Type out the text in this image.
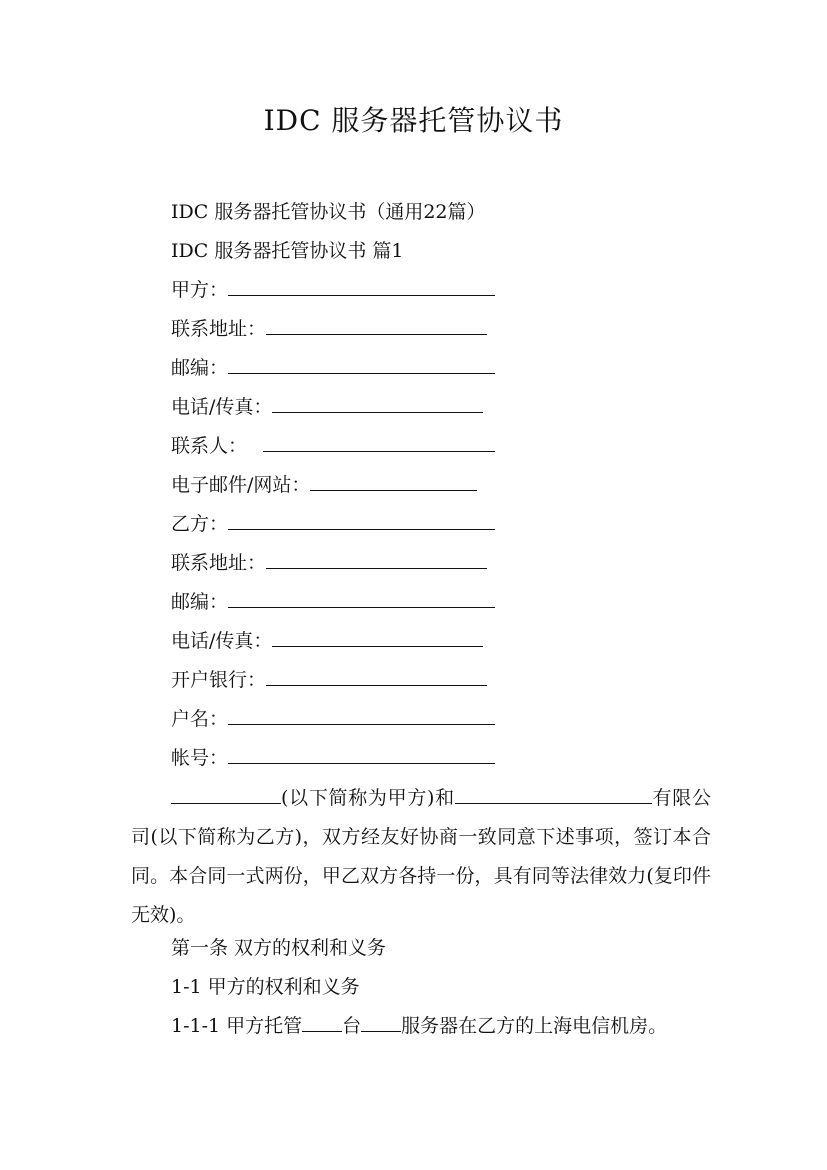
IDC 服务器托管协议书
IDC 服务器托管协议书（通用22篇）
IDC 服务器托管协议书 篇1
甲方：
联系地址：
邮编：
电话/传真：
联系人：
电子邮件/网站：
乙方：
联系地址：
邮编：
电话/传真：
开户银行：
户名：
帐号：
(以下简称为甲方)和	有限公司(以下简称为乙方)，双方经友好协商一致同意下述事项，签订本合同。本合同一式两份，甲乙双方各持一份，具有同等法律效力(复印件无效)。
第一条 双方的权利和义务
1-1 甲方的权利和义务
1-1-1 甲方托管 台 服务器在乙方的上海电信机房。
